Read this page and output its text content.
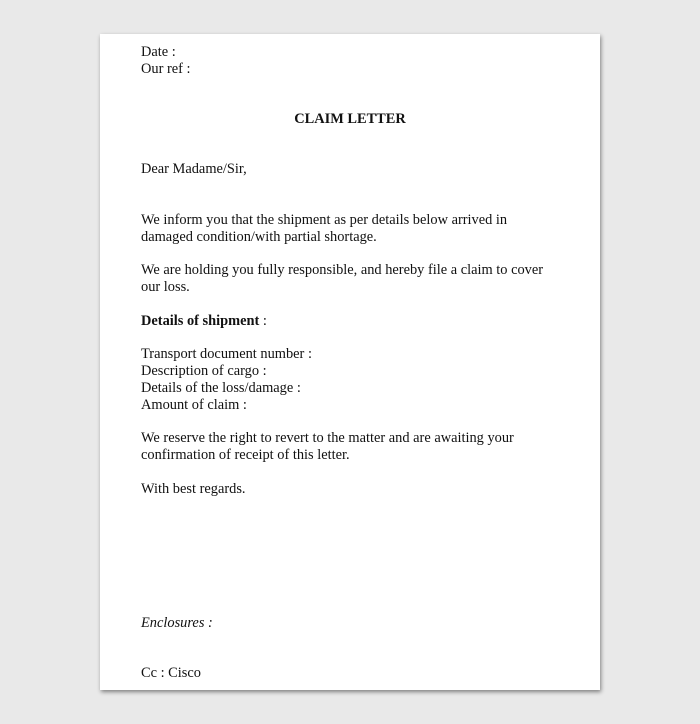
Date :
Our ref :
CLAIM LETTER
Dear Madame/Sir,
We inform you that the shipment as per details below arrived in
damaged condition/with partial shortage.
We are holding you fully responsible, and hereby file a claim to cover
our loss.
Details of shipment :
Transport document number :
Description of cargo :
Details of the loss/damage :
Amount of claim :
We reserve the right to revert to the matter and are awaiting your
confirmation of receipt of this letter.
With best regards.
Enclosures :
Cc : Cisco
